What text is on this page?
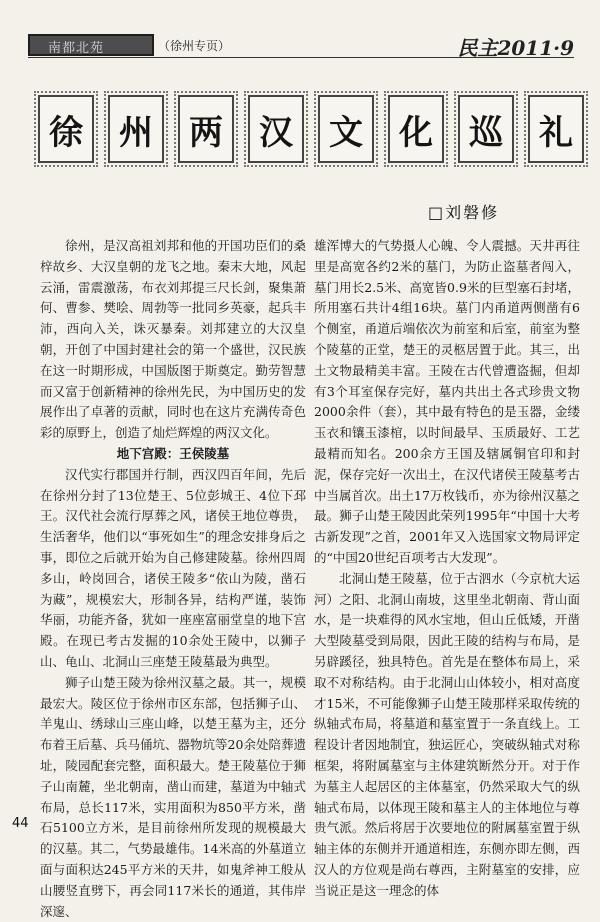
南都北苑	（徐州专页）	民主2011·9
徐	州	两	汉	文	化	巡	礼
□刘磐修

徐州，是汉高祖刘邦和他的开国功臣们的桑梓故乡、大汉皇朝的龙飞之地。秦末大地，风起云涌，雷震激荡，布衣刘邦提三尺长剑，聚集萧何、曹参、樊哙、周勃等一批同乡英豪，起兵丰沛，西向入关，诛灭暴秦。刘邦建立的大汉皇朝，开创了中国封建社会的第一个盛世，汉民族在这一时期形成，中国版图于斯奠定。勤劳智慧而又富于创新精神的徐州先民，为中国历史的发展作出了卓著的贡献，同时也在这片充满传奇色彩的原野上，创造了灿烂辉煌的两汉文化。

地下宫殿：王侯陵墓

汉代实行郡国并行制，西汉四百年间，先后在徐州分封了13位楚王、5位彭城王、4位下邳王。汉代社会流行厚葬之风，诸侯王地位尊贵，生活奢华，他们以“事死如生”的理念安排身后之事，即位之后就开始为自己修建陵墓。徐州四周多山，岭岗回合，诸侯王陵多“依山为陵，凿石为藏”，规模宏大，形制各异，结构严谨，装饰华丽，功能齐备，犹如一座座富丽堂皇的地下宫殿。在现已考古发掘的10余处王陵中，以狮子山、龟山、北洞山三座楚王陵墓最为典型。

狮子山楚王陵为徐州汉墓之最。其一，规模最宏大。陵区位于徐州市区东部，包括狮子山、羊鬼山、绣球山三座山峰，以楚王墓为主，还分布着王后墓、兵马俑坑、器物坑等20余处陪葬遗址，陵园配套完整，面积最大。楚王陵墓位于狮子山南麓，坐北朝南，凿山而建，墓道为中轴式布局，总长117米，实用面积为850平方米，凿石5100立方米，是目前徐州所发现的规模最大的汉墓。其二，气势最雄伟。14米高的外墓道立面与面积达245平方米的天井，如鬼斧神工般从山腰竖直劈下，再会同117米长的通道，其伟岸深邃、

雄浑博大的气势摄人心魄、令人震撼。天井再往里是高宽各约2米的墓门，为防止盗墓者闯入，墓门用长2.5米、高宽皆0.9米的巨型塞石封堵，所用塞石共计4组16块。墓门内甬道两侧凿有6个侧室，甬道后端依次为前室和后室，前室为整个陵墓的正堂，楚王的灵柩居置于此。其三，出土文物最精美丰富。王陵在古代曾遭盗掘，但却有3个耳室保存完好，墓内共出土各式珍贵文物2000余件（套），其中最有特色的是玉器，金缕玉衣和镶玉漆棺，以时间最早、玉质最好、工艺最精而知名。200余方王国及辖属铜官印和封泥，保存完好一次出土，在汉代诸侯王陵墓考古中当属首次。出土17万枚钱币，亦为徐州汉墓之最。狮子山楚王陵因此荣列1995年“中国十大考古新发现”之首，2001年又入选国家文物局评定的“中国20世纪百项考古大发现”。

北洞山楚王陵墓，位于古泗水（今京杭大运河）之阳、北洞山南坡，这里坐北朝南、背山面水，是一块难得的风水宝地，但山丘低矮，开凿大型陵墓受到局限，因此王陵的结构与布局，是另辟蹊径，独具特色。首先是在整体布局上，采取不对称结构。由于北洞山山体较小，相对高度才15米，不可能像狮子山楚王陵那样采取传统的纵轴式布局，将墓道和墓室置于一条直线上。工程设计者因地制宜，独运匠心，突破纵轴式对称框架，将附属墓室与主体建筑断然分开。对于作为墓主人起居区的主体墓室，仍然采取大气的纵轴式布局，以体现王陵和墓主人的主体地位与尊贵气派。然后将居于次要地位的附属墓室置于纵轴主体的东侧并开通道相连，东侧亦即左侧，西汉人的方位观是尚右尊西，主附墓室的安排，应当说正是这一理念的体

44
